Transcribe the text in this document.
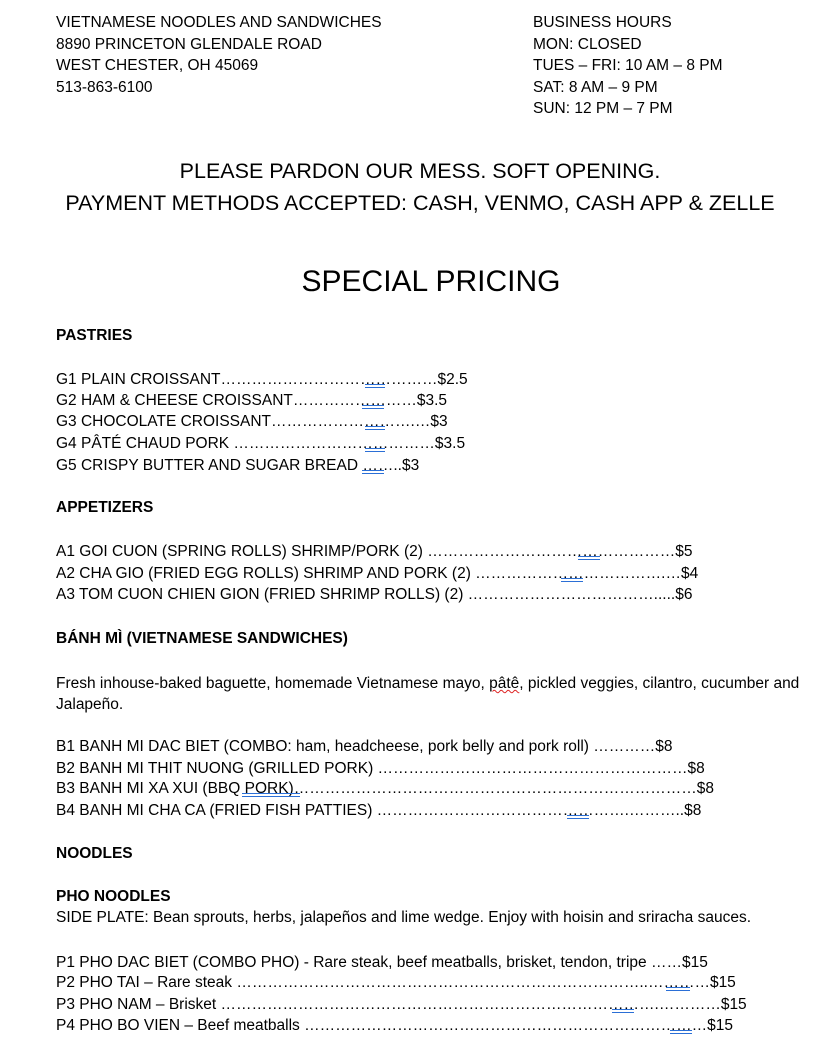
VIETNAMESE NOODLES AND SANDWICHES
8890 PRINCETON GLENDALE ROAD
WEST CHESTER, OH 45069
513-863-6100
BUSINESS HOURS
MON: CLOSED
TUES – FRI: 10 AM – 8 PM
SAT: 8 AM – 9 PM
SUN: 12 PM – 7 PM
PLEASE PARDON OUR MESS. SOFT OPENING.
PAYMENT METHODS ACCEPTED: CASH, VENMO, CASH APP & ZELLE
SPECIAL PRICING
PASTRIES
G1 PLAIN CROISSANT……………………………………$2.5
G2 HAM & CHEESE CROISSANT……………………$3.5
G3 CHOCOLATE CROISSANT……………………….…$3
G4 PÂTÉ CHAUD PORK …………………………………$3.5
G5 CRISPY BUTTER AND SUGAR BREAD ……..$3
APPETIZERS
A1 GOI CUON (SPRING ROLLS) SHRIMP/PORK (2) …………………………………………$5
A2 CHA GIO (FRIED EGG ROLLS) SHRIMP AND PORK (2) ……………………………….…$4
A3 TOM CUON CHIEN GION (FRIED SHRIMP ROLLS) (2) ……………………………….....$6
BÁNH MÌ (VIETNAMESE SANDWICHES)
Fresh inhouse-baked baguette, homemade Vietnamese mayo, pâtê, pickled veggies, cilantro, cucumber and Jalapeño.
B1 BANH MI DAC BIET (COMBO: ham, headcheese, pork belly and pork roll) …………$8
B2 BANH MI THIT NUONG (GRILLED PORK) ……………………………………………………$8
B3 BANH MI XA XUI (BBQ PORK)……………………………………………………………………$8
B4 BANH MI CHA CA (FRIED FISH PATTIES) ………………………………………….………..$8
NOODLES
PHO NOODLES
SIDE PLATE: Bean sprouts, herbs, jalapeños and lime wedge. Enjoy with hoisin and sriracha sauces.
P1 PHO DAC BIET (COMBO PHO) - Rare steak, beef meatballs, brisket, tendon, tripe ……$15
P2 PHO TAI – Rare steak ……………………………………………………………………..…………$15
P3 PHO NAM – Brisket ………………………………………………………………………….…………$15
P4 PHO BO VIEN – Beef meatballs ……………………………………………………………………$15
